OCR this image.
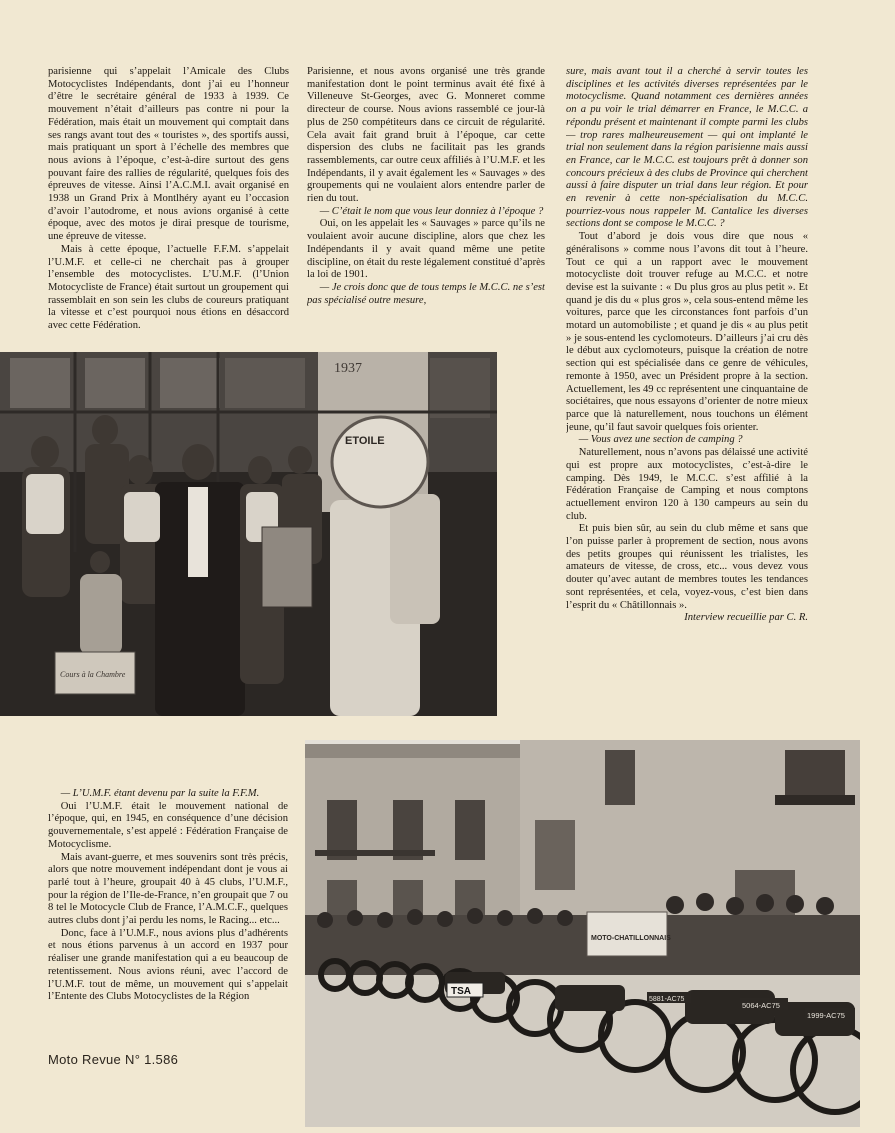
parisienne qui s’appelait l’Amicale des Clubs Motocyclistes Indépendants, dont j’ai eu l’honneur d’être le secrétaire général de 1933 à 1939. Ce mouvement n’était d’ailleurs pas contre ni pour la Fédération, mais était un mouvement qui comptait dans ses rangs avant tout des « touristes », des sportifs aussi, mais pratiquant un sport à l’échelle des membres que nous avions à l’époque, c’est-à-dire surtout des gens pouvant faire des rallies de régularité, quelques fois des épreuves de vitesse. Ainsi l’A.C.M.I. avait organisé en 1938 un Grand Prix à Montlhéry ayant eu l’occasion d’avoir l’autodrome, et nous avions organisé à cette époque, avec des motos je dirai presque de tourisme, une épreuve de vitesse.

Mais à cette époque, l’actuelle F.F.M. s’appelait l’U.M.F. et celle-ci ne cherchait pas à grouper l’ensemble des motocyclistes. L’U.M.F. (l’Union Motocycliste de France) était surtout un groupement qui rassemblait en son sein les clubs de coureurs pratiquant la vitesse et c’est pourquoi nous étions en désaccord avec cette Fédération.

Parisienne, et nous avons organisé une très grande manifestation dont le point terminus avait été fixé à Villeneuve St-Georges, avec G. Monneret comme directeur de course. Nous avions rassemblé ce jour-là plus de 250 compétiteurs dans ce circuit de régularité. Cela avait fait grand bruit à l’époque, car cette dispersion des clubs ne facilitait pas les grands rassemblements, car outre ceux affiliés à l’U.M.F. et les Indépendants, il y avait également les « Sauvages » des groupements qui ne voulaient alors entendre parler de rien du tout.

— C’était le nom que vous leur donniez à l’époque ?

Oui, on les appelait les « Sauvages » parce qu’ils ne voulaient avoir aucune discipline, alors que chez les Indépendants il y avait quand même une petite discipline, on était du reste légalement constitué d’après la loi de 1901.

— Je crois donc que de tous temps le M.C.C. ne s’est pas spécialisé outre mesure,

sure, mais avant tout il a cherché à servir toutes les disciplines et les activités diverses représentées par le motocyclisme. Quand notamment ces dernières années on a pu voir le trial démarrer en France, le M.C.C. a répondu présent et maintenant il compte parmi les clubs — trop rares malheureusement — qui ont implanté le trial non seulement dans la région parisienne mais aussi en France, car le M.C.C. est toujours prêt à donner son concours précieux à des clubs de Province qui cherchent aussi à faire disputer un trial dans leur région. Et pour en revenir à cette non-spécialisation du M.C.C. pourriez-vous nous rappeler M. Cantalice les diverses sections dont se compose le M.C.C. ?

Tout d’abord je dois vous dire que nous « généralisons » comme nous l’avons dit tout à l’heure. Tout ce qui a un rapport avec le mouvement motocycliste doit trouver refuge au M.C.C. et notre devise est la suivante : « Du plus gros au plus petit ». Et quand je dis du « plus gros », cela sous-entend même les voitures, parce que les circonstances font parfois d’un motard un automobiliste ; et quand je dis « au plus petit » je sous-entend les cyclomoteurs. D’ailleurs j’ai cru dès le début aux cyclomoteurs, puisque la création de notre section qui est spécialisée dans ce genre de véhicules, remonte à 1950, avec un Président propre à la section. Actuellement, les 49 cc représentent une cinquantaine de sociétaires, que nous essayons d’orienter de notre mieux parce que là naturellement, nous touchons un élément jeune, qu’il faut savoir quelques fois orienter.

— Vous avez une section de camping ?

Naturellement, nous n’avons pas délaissé une activité qui est propre aux motocyclistes, c’est-à-dire le camping. Dès 1949, le M.C.C. s’est affilié à la Fédération Française de Camping et nous comptons actuellement environ 120 à 130 campeurs au sein du club.

Et puis bien sûr, au sein du club même et sans que l’on puisse parler à proprement de section, nous avons des petits groupes qui réunissent les trialistes, les amateurs de vitesse, de cross, etc... vous devez vous douter qu’avec autant de membres toutes les tendances sont représentées, et cela, voyez-vous, c’est bien dans l’esprit du « Châtillonnais ».

Interview recueillie par C. R.

— L’U.M.F. étant devenu par la suite la F.F.M.

Oui l’U.M.F. était le mouvement national de l’époque, qui, en 1945, en conséquence d’une décision gouvernementale, s’est appelé : Fédération Française de Motocyclisme.

Mais avant-guerre, et mes souvenirs sont très précis, alors que notre mouvement indépendant dont je vous ai parlé tout à l’heure, groupait 40 à 45 clubs, l’U.M.F., pour la région de l’Ile-de-France, n’en groupait que 7 ou 8 tel le Motocycle Club de France, l’A.M.C.F., quelques autres clubs dont j’ai perdu les noms, le Racing... etc...

Donc, face à l’U.M.F., nous avions plus d’adhérents et nous étions parvenus à un accord en 1937 pour réaliser une grande manifestation qui a eu beaucoup de retentissement. Nous avions réuni, avec l’accord de l’U.M.F. tout de même, un mouvement qui s’appelait l’Entente des Clubs Motocyclistes de la Région

1937
ETOILE
Cours à la Chambre
MOTO-CHATILLONNAIS
TSA
5881-AC75
5064-AC75
1999-AC75
Moto Revue N° 1.586
